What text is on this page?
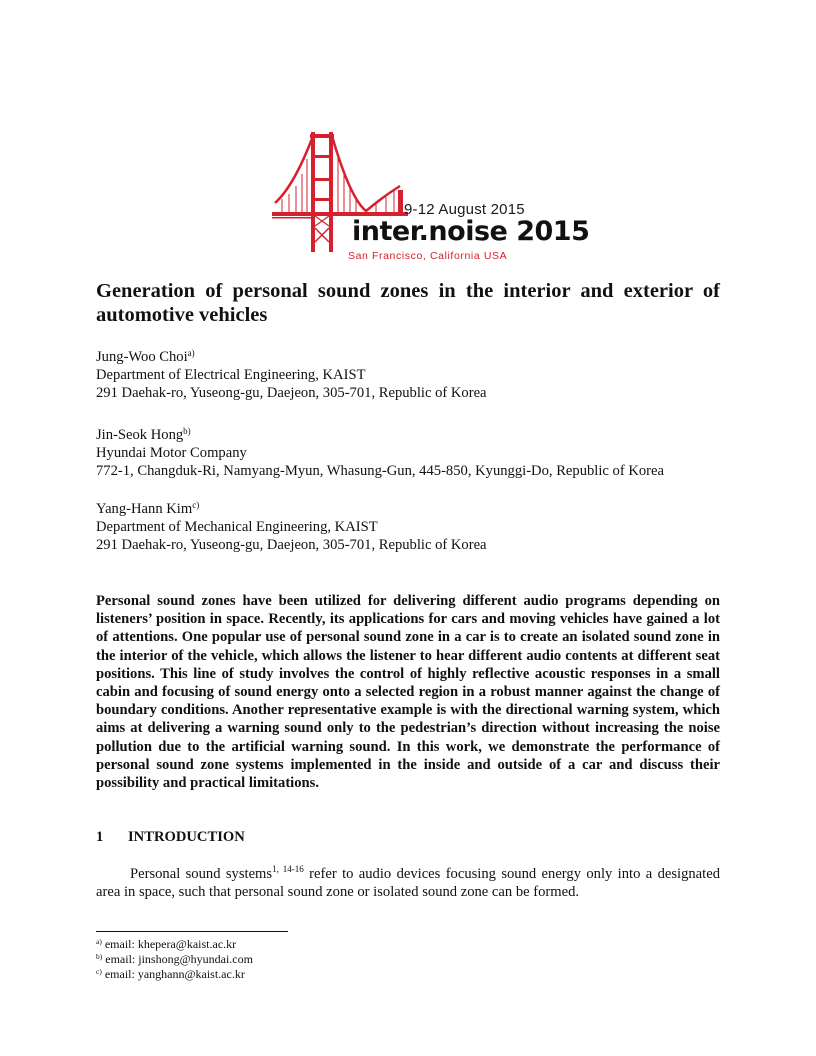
9-12 August 2015
inter.noise 2015
San Francisco, California USA
Generation of personal sound zones in the interior and exterior of automotive vehicles
Jung-Woo Choi$^{a)}$
Department of Electrical Engineering, KAIST
291 Daehak-ro, Yuseong-gu, Daejeon, 305-701, Republic of Korea
Jin-Seok Hong$^{b)}$
Hyundai Motor Company
772-1, Changduk-Ri, Namyang-Myun, Whasung-Gun, 445-850, Kyunggi-Do, Republic of Korea
Yang-Hann Kim$^{c)}$
Department of Mechanical Engineering, KAIST
291 Daehak-ro, Yuseong-gu, Daejeon, 305-701, Republic of Korea

Personal sound zones have been utilized for delivering different audio programs depending on listeners’ position in space. Recently, its applications for cars and moving vehicles have gained a lot of attentions. One popular use of personal sound zone in a car is to create an isolated sound zone in the interior of the vehicle, which allows the listener to hear different audio contents at different seat positions. This line of study involves the control of highly reflective acoustic responses in a small cabin and focusing of sound energy onto a selected region in a robust manner against the change of boundary conditions. Another representative example is with the directional warning system, which aims at delivering a warning sound only to the pedestrian’s direction without increasing the noise pollution due to the artificial warning sound. In this work, we demonstrate the performance of personal sound zone systems implemented in the inside and outside of a car and discuss their possibility and practical limitations.

1 INTRODUCTION

Personal sound systems$^{1, 14-16}$ refer to audio devices focusing sound energy only into a designated area in space, such that personal sound zone or isolated sound zone can be formed.

$^{a)}$ email: khepera@kaist.ac.kr
$^{b)}$ email: jinshong@hyundai.com
$^{c)}$ email: yanghann@kaist.ac.kr
